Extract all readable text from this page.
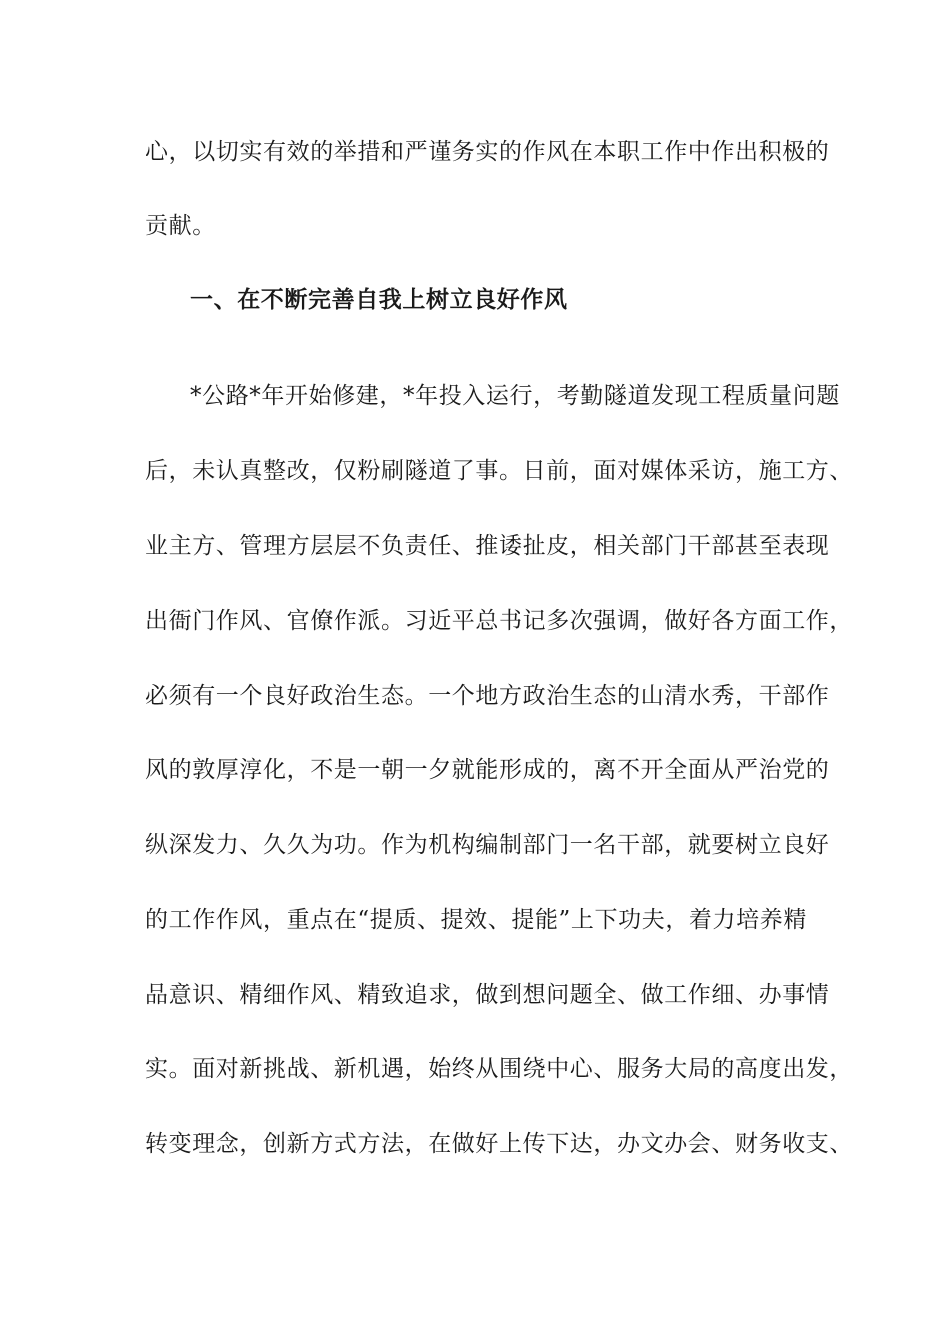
心，以切实有效的举措和严谨务实的作风在本职工作中作出积极的
贡献。
一、在不断完善自我上树立良好作风
*公路*年开始修建，*年投入运行，考勤隧道发现工程质量问题
后，未认真整改，仅粉刷隧道了事。日前，面对媒体采访，施工方、
业主方、管理方层层不负责任、推诿扯皮，相关部门干部甚至表现
出衙门作风、官僚作派。习近平总书记多次强调，做好各方面工作，
必须有一个良好政治生态。一个地方政治生态的山清水秀，干部作
风的敦厚淳化，不是一朝一夕就能形成的，离不开全面从严治党的
纵深发力、久久为功。作为机构编制部门一名干部，就要树立良好
的工作作风，重点在“提质、提效、提能”上下功夫，着力培养精
品意识、精细作风、精致追求，做到想问题全、做工作细、办事情
实。面对新挑战、新机遇，始终从围绕中心、服务大局的高度出发，
转变理念，创新方式方法，在做好上传下达，办文办会、财务收支、
